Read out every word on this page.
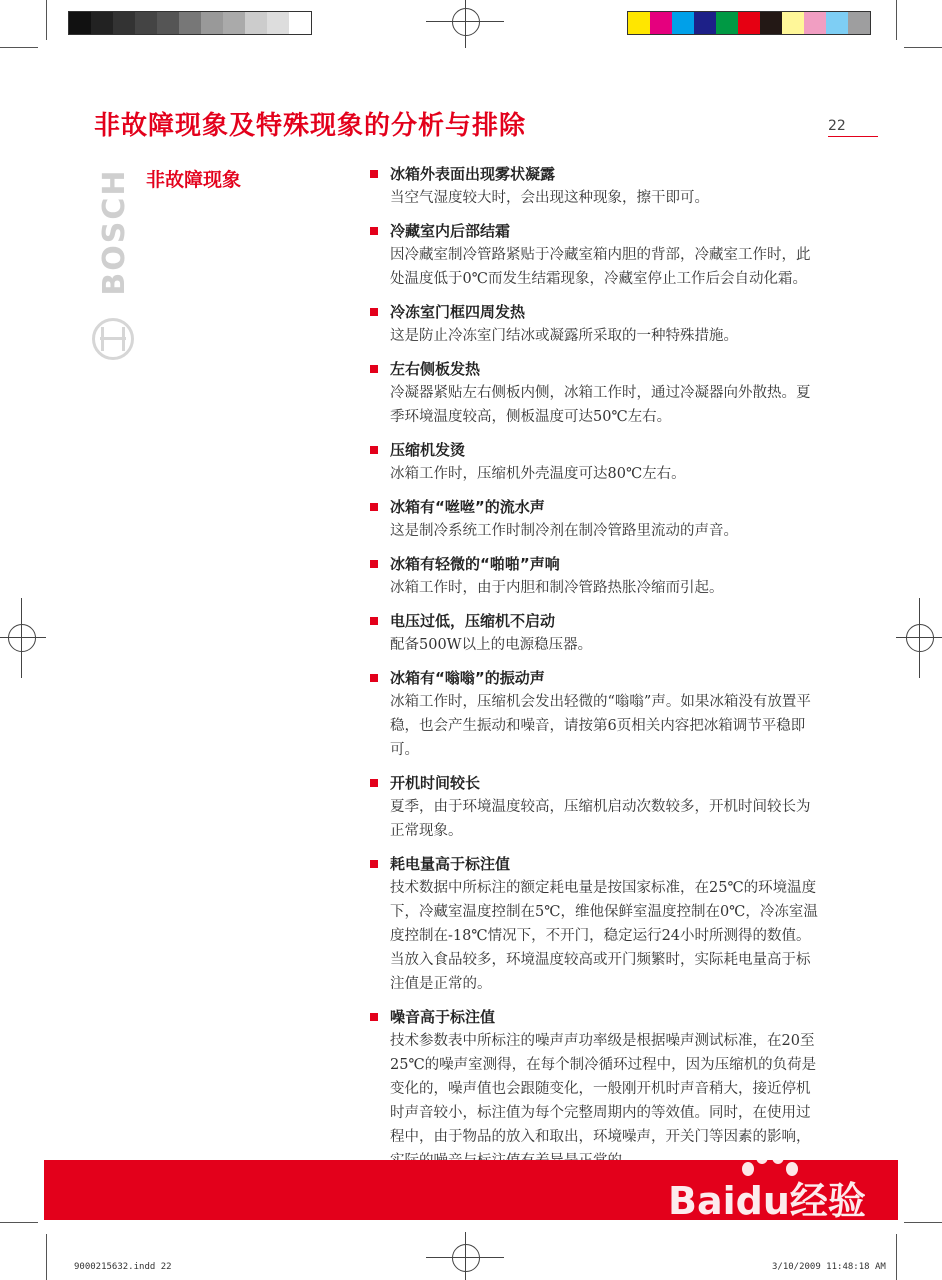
非故障现象及特殊现象的分析与排除	22
BOSCH 非故障现象	冰箱外表面出现雾状凝露
当空气湿度较大时，会出现这种现象，擦干即可。
冷藏室内后部结霜
因冷藏室制冷管路紧贴于冷藏室箱内胆的背部，冷藏室工作时，此处温度低于0℃而发生结霜现象，冷藏室停止工作后会自动化霜。
冷冻室门框四周发热
这是防止冷冻室门结冰或凝露所采取的一种特殊措施。
左右侧板发热
冷凝器紧贴左右侧板内侧，冰箱工作时，通过冷凝器向外散热。夏季环境温度较高，侧板温度可达50℃左右。
压缩机发烫
冰箱工作时，压缩机外壳温度可达80℃左右。
冰箱有“咝咝”的流水声
这是制冷系统工作时制冷剂在制冷管路里流动的声音。
冰箱有轻微的“啪啪”声响
冰箱工作时，由于内胆和制冷管路热胀冷缩而引起。
电压过低，压缩机不启动
配备500W以上的电源稳压器。
冰箱有“嗡嗡”的振动声
冰箱工作时，压缩机会发出轻微的“嗡嗡”声。如果冰箱没有放置平稳，也会产生振动和噪音，请按第6页相关内容把冰箱调节平稳即可。
开机时间较长
夏季，由于环境温度较高，压缩机启动次数较多，开机时间较长为正常现象。
耗电量高于标注值
技术数据中所标注的额定耗电量是按国家标准，在25℃的环境温度下，冷藏室温度控制在5℃，维他保鲜室温度控制在0℃，冷冻室温度控制在-18℃情况下，不开门，稳定运行24小时所测得的数值。当放入食品较多，环境温度较高或开门频繁时，实际耗电量高于标注值是正常的。
噪音高于标注值
技术参数表中所标注的噪声声功率级是根据噪声测试标准，在20至25℃的噪声室测得，在每个制冷循环过程中，因为压缩机的负荷是变化的，噪声值也会跟随变化，一般刚开机时声音稍大，接近停机时声音较小，标注值为每个完整周期内的等效值。同时，在使用过程中，由于物品的放入和取出，环境噪声，开关门等因素的影响，
Baidu经验
jingyan.baidu.com
9000215632.indd 22	3/10/2009 11:48:18 AM
